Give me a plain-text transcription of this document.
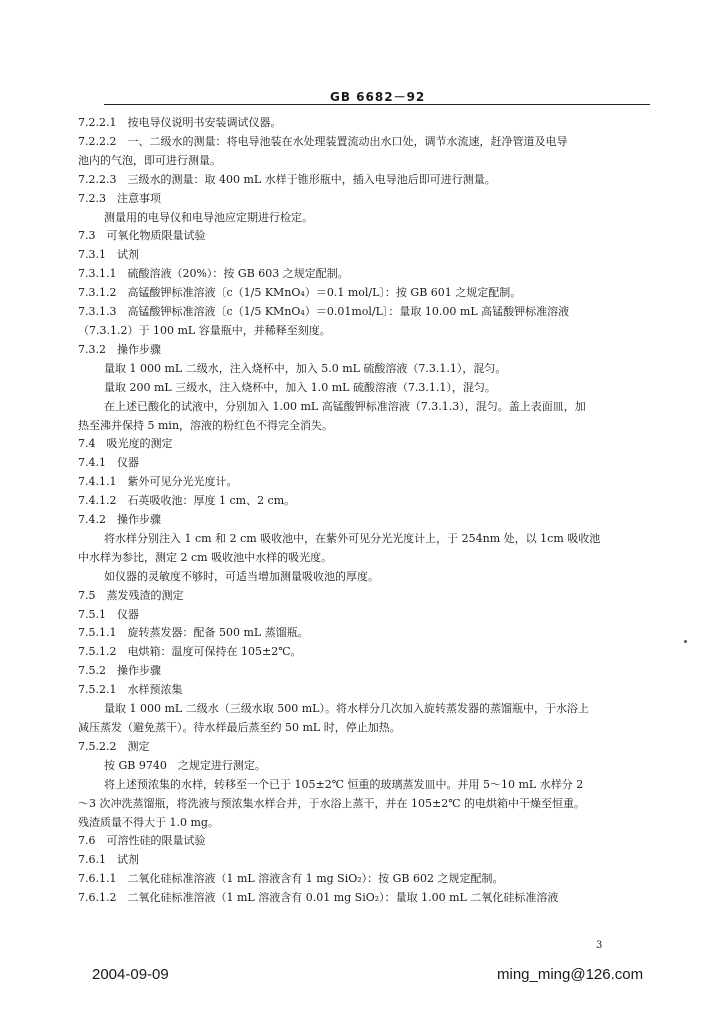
GB 6682－92
7.2.2.1　按电导仪说明书安装调试仪器。
7.2.2.2　一、二级水的测量：将电导池装在水处理装置流动出水口处，调节水流速，赶净管道及电导
池内的气泡，即可进行测量。
7.2.2.3　三级水的测量：取 400 mL 水样于锥形瓶中，插入电导池后即可进行测量。
7.2.3　注意事项
测量用的电导仪和电导池应定期进行检定。
7.3　可氧化物质限量试验
7.3.1　试剂
7.3.1.1　硫酸溶液（20%）：按 GB 603 之规定配制。
7.3.1.2　高锰酸钾标准溶液〔c（1/5 KMnO₄）＝0.1 mol/L〕：按 GB 601 之规定配制。
7.3.1.3　高锰酸钾标准溶液〔c（1/5 KMnO₄）＝0.01mol/L〕：量取 10.00 mL 高锰酸钾标准溶液
（7.3.1.2）于 100 mL 容量瓶中，并稀释至刻度。
7.3.2　操作步骤
量取 1 000 mL 二级水，注入烧杯中，加入 5.0 mL 硫酸溶液（7.3.1.1），混匀。
量取 200 mL 三级水，注入烧杯中，加入 1.0 mL 硫酸溶液（7.3.1.1），混匀。
在上述已酸化的试液中，分别加入 1.00 mL 高锰酸钾标准溶液（7.3.1.3），混匀。盖上表面皿，加
热至沸并保持 5 min，溶液的粉红色不得完全消失。
7.4　吸光度的测定
7.4.1　仪器
7.4.1.1　紫外可见分光光度计。
7.4.1.2　石英吸收池：厚度 1 cm、2 cm。
7.4.2　操作步骤
将水样分别注入 1 cm 和 2 cm 吸收池中，在紫外可见分光光度计上，于 254nm 处，以 1cm 吸收池
中水样为参比，测定 2 cm 吸收池中水样的吸光度。
如仪器的灵敏度不够时，可适当增加测量吸收池的厚度。
7.5　蒸发残渣的测定
7.5.1　仪器
7.5.1.1　旋转蒸发器：配备 500 mL 蒸馏瓶。
7.5.1.2　电烘箱：温度可保持在 105±2℃。
7.5.2　操作步骤
7.5.2.1　水样预浓集
量取 1 000 mL 二级水（三级水取 500 mL）。将水样分几次加入旋转蒸发器的蒸馏瓶中，于水浴上
减压蒸发（避免蒸干）。待水样最后蒸至约 50 mL 时，停止加热。
7.5.2.2　测定
按 GB 9740　之规定进行测定。
将上述预浓集的水样，转移至一个已于 105±2℃ 恒重的玻璃蒸发皿中。并用 5～10 mL 水样分 2
～3 次冲洗蒸馏瓶，将洗液与预浓集水样合并，于水浴上蒸干，并在 105±2℃ 的电烘箱中干燥至恒重。
残渣质量不得大于 1.0 mg。
7.6　可溶性硅的限量试验
7.6.1　试剂
7.6.1.1　二氧化硅标准溶液（1 mL 溶液含有 1 mg SiO₂）：按 GB 602 之规定配制。
7.6.1.2　二氧化硅标准溶液（1 mL 溶液含有 0.01 mg SiO₂）：量取 1.00 mL 二氧化硅标准溶液
3
2004-09-09	ming_ming@126.com
